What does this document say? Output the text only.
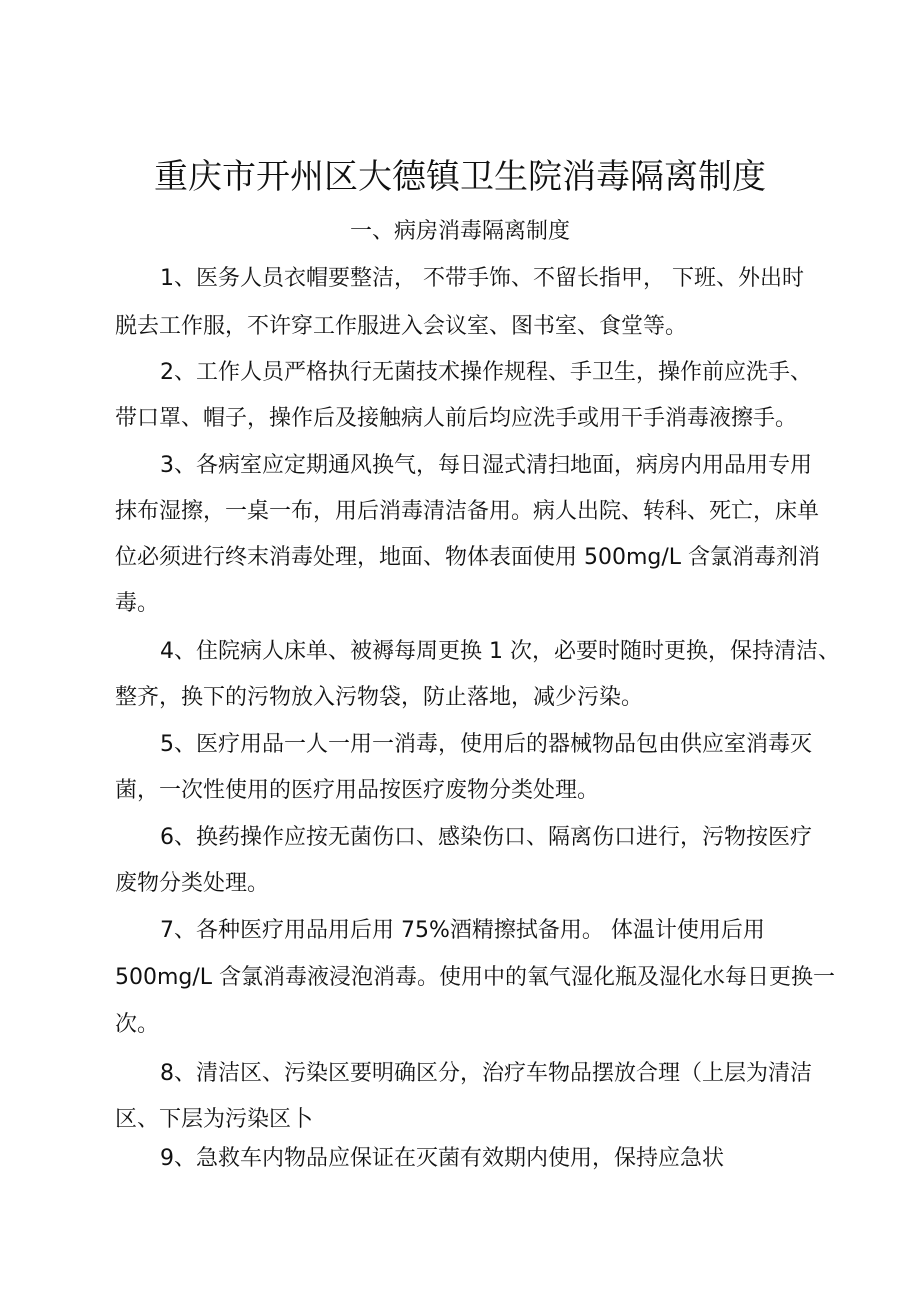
重庆市开州区大德镇卫生院消毒隔离制度
一、病房消毒隔离制度
1、医务人员衣帽要整洁， 不带手饰、不留长指甲， 下班、外出时
脱去工作服，不许穿工作服进入会议室、图书室、食堂等。
2、工作人员严格执行无菌技术操作规程、手卫生，操作前应洗手、
带口罩、帽子，操作后及接触病人前后均应洗手或用干手消毒液擦手。
3、各病室应定期通风换气，每日湿式清扫地面，病房内用品用专用
抹布湿擦，一桌一布，用后消毒清洁备用。病人出院、转科、死亡，床单
位必须进行终末消毒处理，地面、物体表面使用 500mg/L 含氯消毒剂消
毒。
4、住院病人床单、被褥每周更换 1 次，必要时随时更换，保持清洁、
整齐，换下的污物放入污物袋，防止落地，减少污染。
5、医疗用品一人一用一消毒，使用后的器械物品包由供应室消毒灭
菌，一次性使用的医疗用品按医疗废物分类处理。
6、换药操作应按无菌伤口、感染伤口、隔离伤口进行，污物按医疗
废物分类处理。
7、各种医疗用品用后用 75%酒精擦拭备用。 体温计使用后用
500mg/L 含氯消毒液浸泡消毒。使用中的氧气湿化瓶及湿化水每日更换一
次。
8、清洁区、污染区要明确区分，治疗车物品摆放合理（上层为清洁
区、下层为污染区卜
9、急救车内物品应保证在灭菌有效期内使用，保持应急状
